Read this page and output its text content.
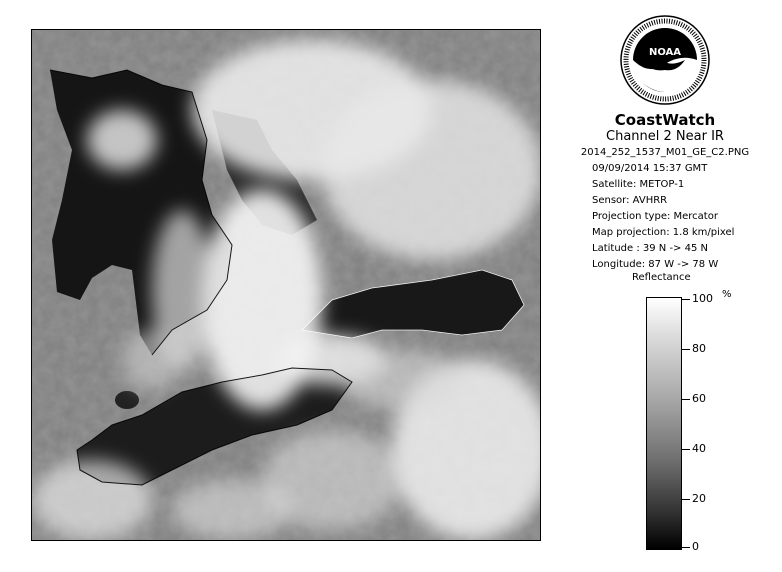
NOAA
CoastWatch
Channel 2 Near IR
2014_252_1537_M01_GE_C2.PNG
09/09/2014 15:37 GMT
Satellite: METOP-1
Sensor: AVHRR
Projection type: Mercator
Map projection: 1.8 km/pixel
Latitude : 39 N -> 45 N
Longitude: 87 W -> 78 W
Reflectance
%
100
80
60
40
20
0
